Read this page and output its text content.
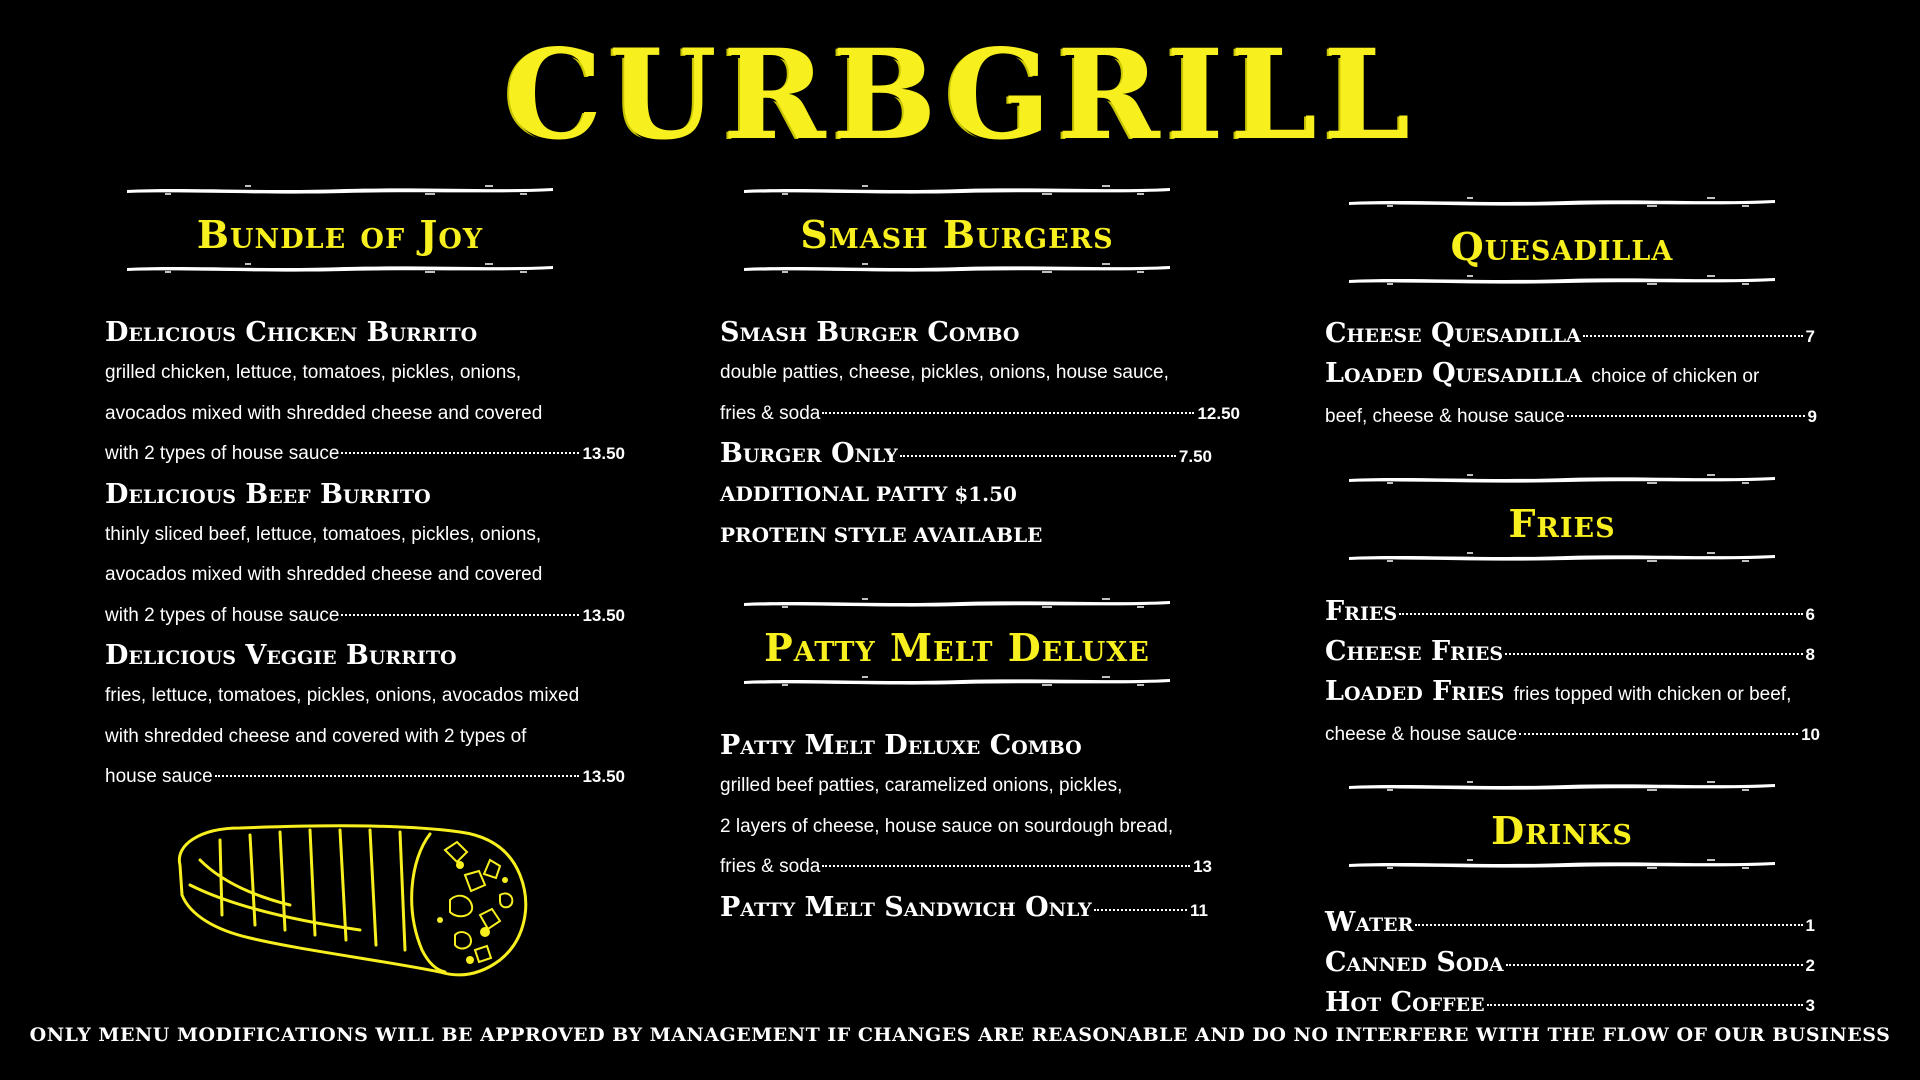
CURBGRILL
Bundle of Joy
Delicious Chicken Burrito
grilled chicken, lettuce, tomatoes, pickles, onions,
avocados mixed with shredded cheese and covered
with 2 types of house sauce	13.50
Delicious Beef Burrito
thinly sliced beef, lettuce, tomatoes, pickles, onions,
avocados mixed with shredded cheese and covered
with 2 types of house sauce	13.50
Delicious Veggie Burrito
fries, lettuce, tomatoes, pickles, onions, avocados mixed
with shredded cheese and covered with 2 types of
house sauce	13.50
Smash Burgers
Smash Burger Combo
double patties, cheese, pickles, onions, house sauce,
fries & soda	12.50
Burger Only	7.50
ADDITIONAL PATTY $1.50
PROTEIN STYLE AVAILABLE
Patty Melt Deluxe
Patty Melt Deluxe Combo
grilled beef patties, caramelized onions, pickles,
2 layers of cheese, house sauce on sourdough bread,
fries & soda	13
Patty Melt Sandwich Only	11
Quesadilla
Cheese Quesadilla	7
Loaded Quesadilla choice of chicken or
beef, cheese & house sauce	9
Fries
Fries	6
Cheese Fries	8
Loaded Fries fries topped with chicken or beef,
cheese & house sauce	10
Drinks
Water	1
Canned Soda	2
Hot Coffee	3
ONLY MENU MODIFICATIONS WILL BE APPROVED BY MANAGEMENT IF CHANGES ARE REASONABLE AND DO NO INTERFERE WITH THE FLOW OF OUR BUSINESS
